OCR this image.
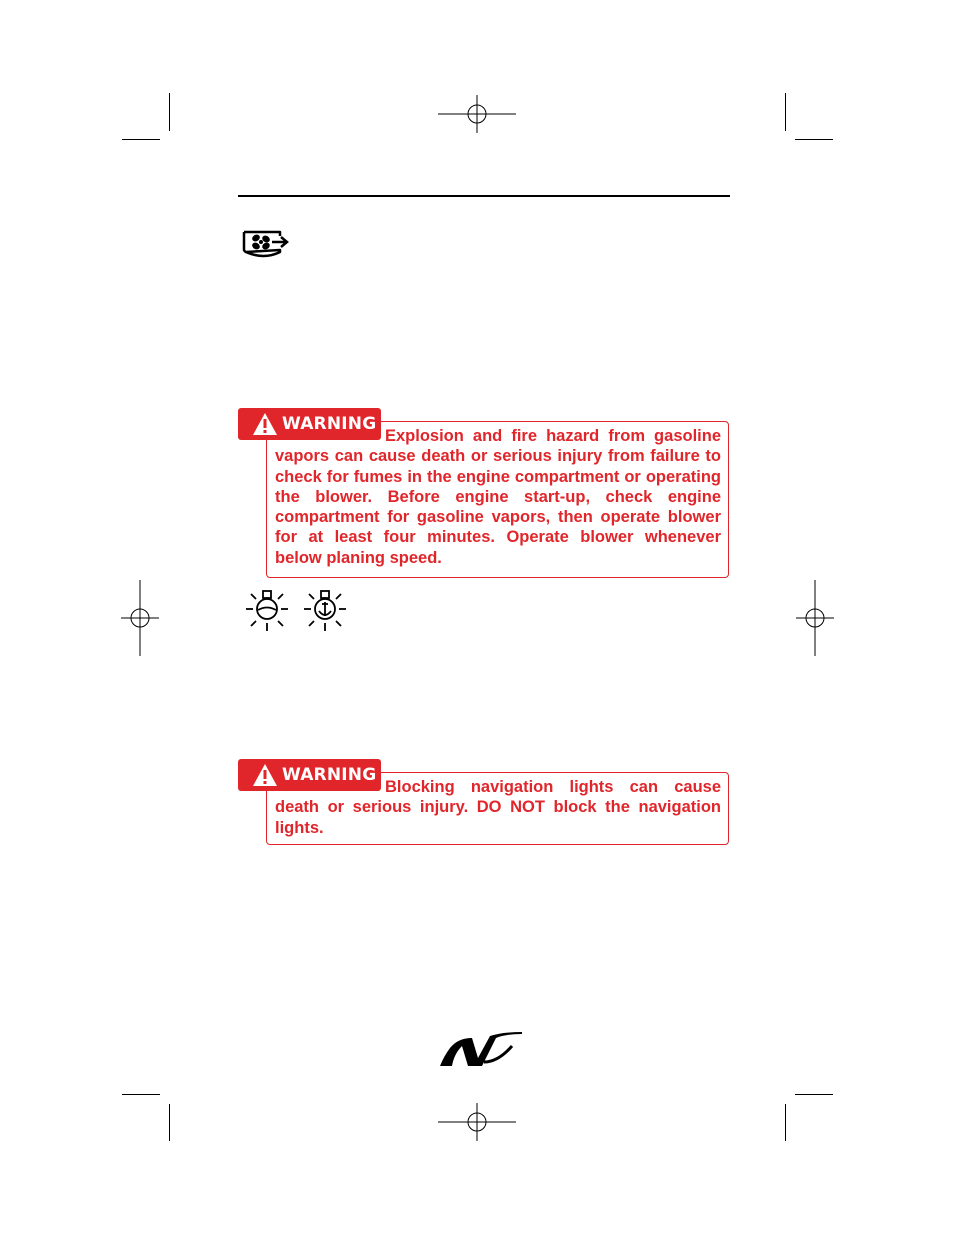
WARNING

Explosion and fire hazard from gasoline vapors can cause death or serious injury from failure to check for fumes in the engine compartment or operating the blower. Before engine start-up, check engine compartment for gasoline vapors, then operate blower for at least four minutes. Operate blower whenever below planing speed.

WARNING

Blocking navigation lights can cause death or serious injury. DO NOT block the navigation lights.
